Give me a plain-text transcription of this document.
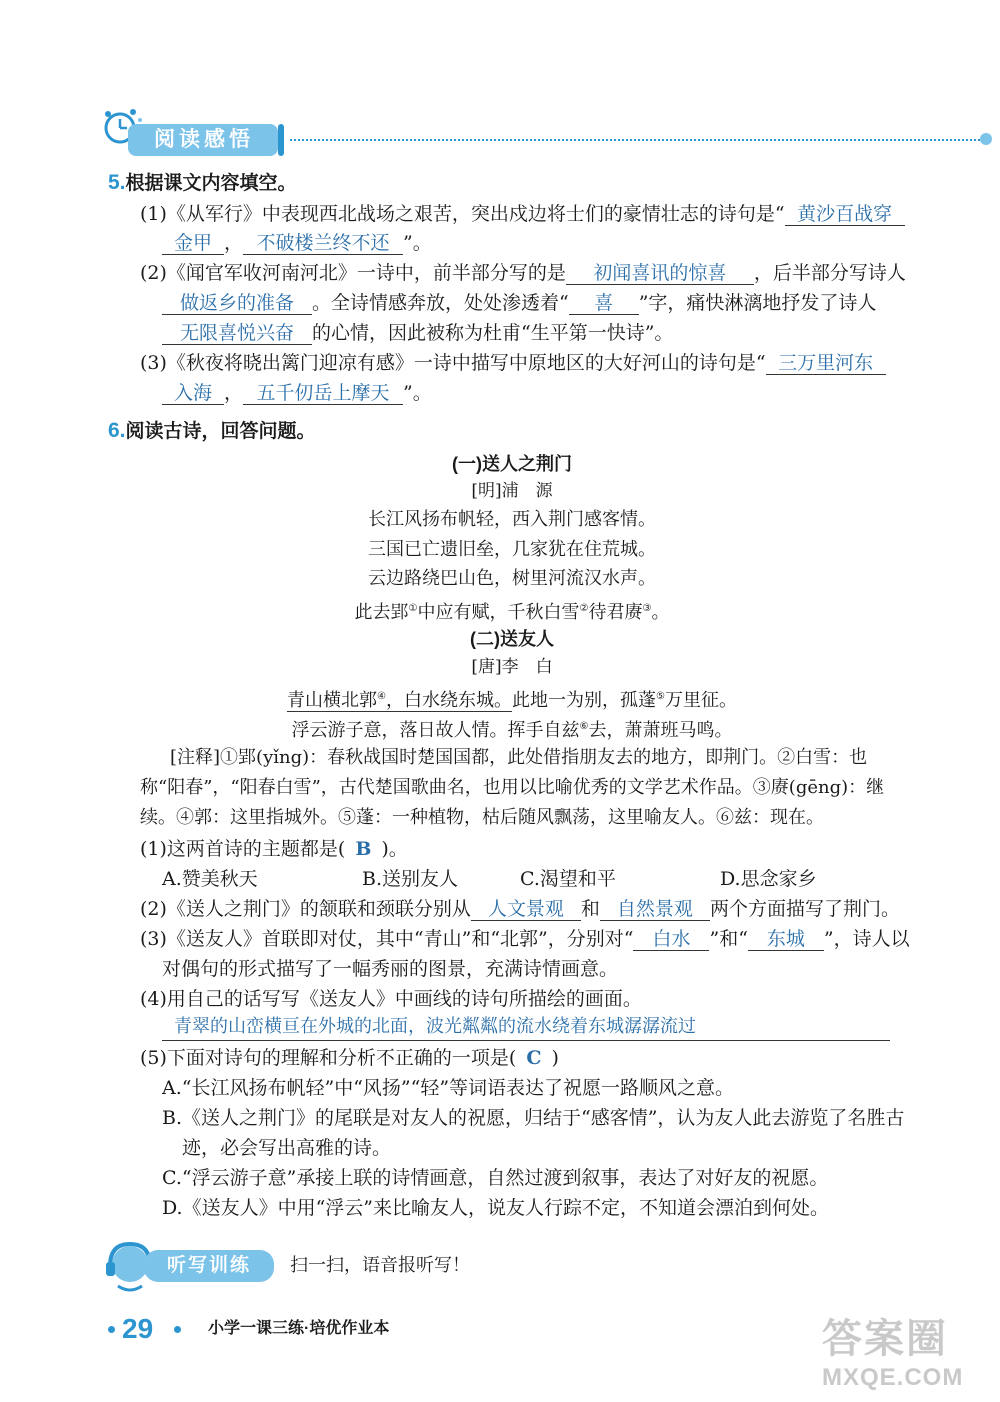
阅读感悟
5.根据课文内容填空。
(1)《从军行》中表现西北战场之艰苦，突出戍边将士们的豪情壮志的诗句是“ 黄沙百战穿
金甲 ， 不破楼兰终不还 ”。
(2)《闻官军收河南河北》一诗中，前半部分写的是 初闻喜讯的惊喜 ，后半部分写诗人
做返乡的准备 。全诗情感奔放，处处渗透着“ 喜 ”字，痛快淋漓地抒发了诗人
无限喜悦兴奋 的心情，因此被称为杜甫“生平第一快诗”。
(3)《秋夜将晓出篱门迎凉有感》一诗中描写中原地区的大好河山的诗句是“ 三万里河东
入海 ， 五千仞岳上摩天 ”。
6.阅读古诗，回答问题。
(一)送人之荆门
[明]浦　源
长江风扬布帆轻，西入荆门感客情。
三国已亡遗旧垒，几家犹在住荒城。
云边路绕巴山色，树里河流汉水声。
此去郢①中应有赋，千秋白雪②待君赓③。
(二)送友人
[唐]李　白
青山横北郭④，白水绕东城。此地一为别，孤蓬⑤万里征。
浮云游子意，落日故人情。挥手自兹⑥去，萧萧班马鸣。
[注释]①郢(yǐng)：春秋战国时楚国国都，此处借指朋友去的地方，即荆门。②白雪：也
称“阳春”，“阳春白雪”，古代楚国歌曲名，也用以比喻优秀的文学艺术作品。③赓(gēng)：继
续。④郭：这里指城外。⑤蓬：一种植物，枯后随风飘荡，这里喻友人。⑥兹：现在。
(1)这两首诗的主题都是( B )。
A.赞美秋天	B.送别友人	C.渴望和平	D.思念家乡
(2)《送人之荆门》的颔联和颈联分别从 人文景观 和 自然景观 两个方面描写了荆门。
(3)《送友人》首联即对仗，其中“青山”和“北郭”，分别对“ 白水 ”和“ 东城 ”，诗人以
对偶句的形式描写了一幅秀丽的图景，充满诗情画意。
(4)用自己的话写写《送友人》中画线的诗句所描绘的画面。
青翠的山峦横亘在外城的北面，波光粼粼的流水绕着东城潺潺流过
(5)下面对诗句的理解和分析不正确的一项是( C )
A.“长江风扬布帆轻”中“风扬”“轻”等词语表达了祝愿一路顺风之意。
B.《送人之荆门》的尾联是对友人的祝愿，归结于“感客情”，认为友人此去游览了名胜古
迹，必会写出高雅的诗。
C.“浮云游子意”承接上联的诗情画意，自然过渡到叙事，表达了对好友的祝愿。
D.《送友人》中用“浮云”来比喻友人，说友人行踪不定，不知道会漂泊到何处。
听写训练	扫一扫，语音报听写！
29	小学一课三练·培优作业本	答案圈
MXQE.COM
